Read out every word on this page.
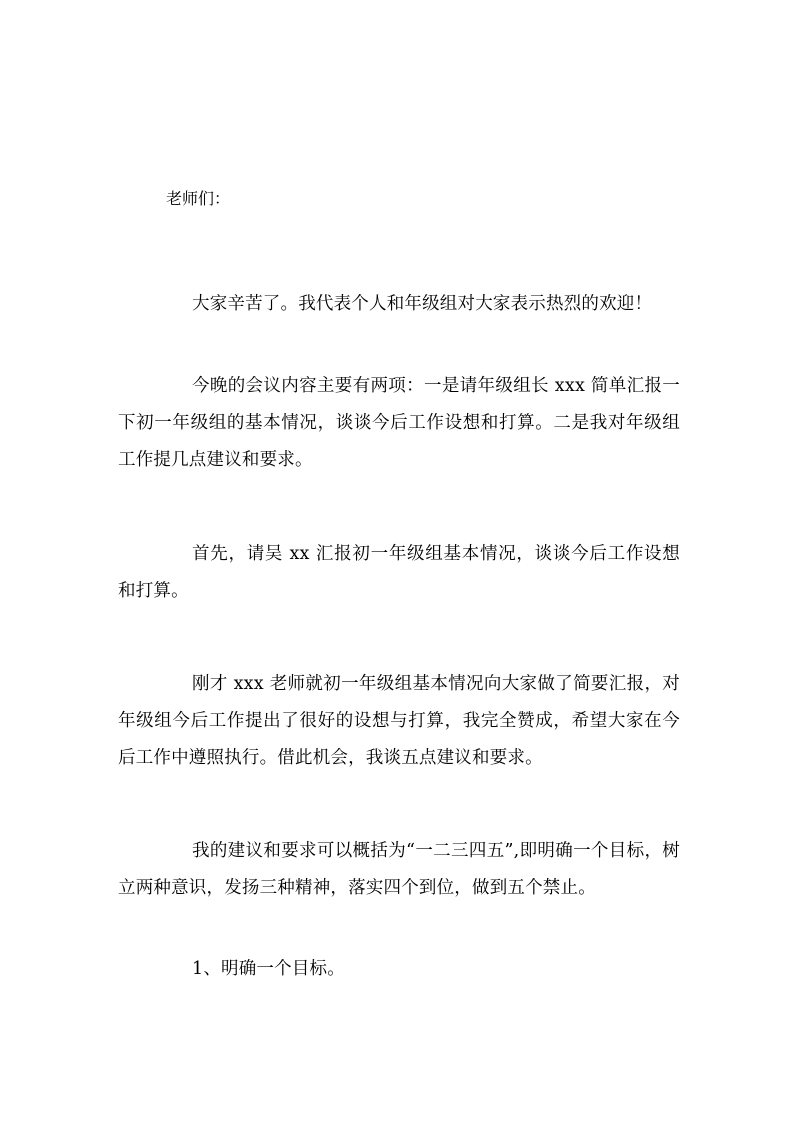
老师们：

大家辛苦了。我代表个人和年级组对大家表示热烈的欢迎！

今晚的会议内容主要有两项：一是请年级组长 xxx 简单汇报一下初一年级组的基本情况，谈谈今后工作设想和打算。二是我对年级组工作提几点建议和要求。

首先，请吴 xx 汇报初一年级组基本情况，谈谈今后工作设想和打算。

刚才 xxx 老师就初一年级组基本情况向大家做了简要汇报，对年级组今后工作提出了很好的设想与打算，我完全赞成，希望大家在今后工作中遵照执行。借此机会，我谈五点建议和要求。

我的建议和要求可以概括为“一二三四五”,即明确一个目标，树立两种意识，发扬三种精神，落实四个到位，做到五个禁止。

1、明确一个目标。
